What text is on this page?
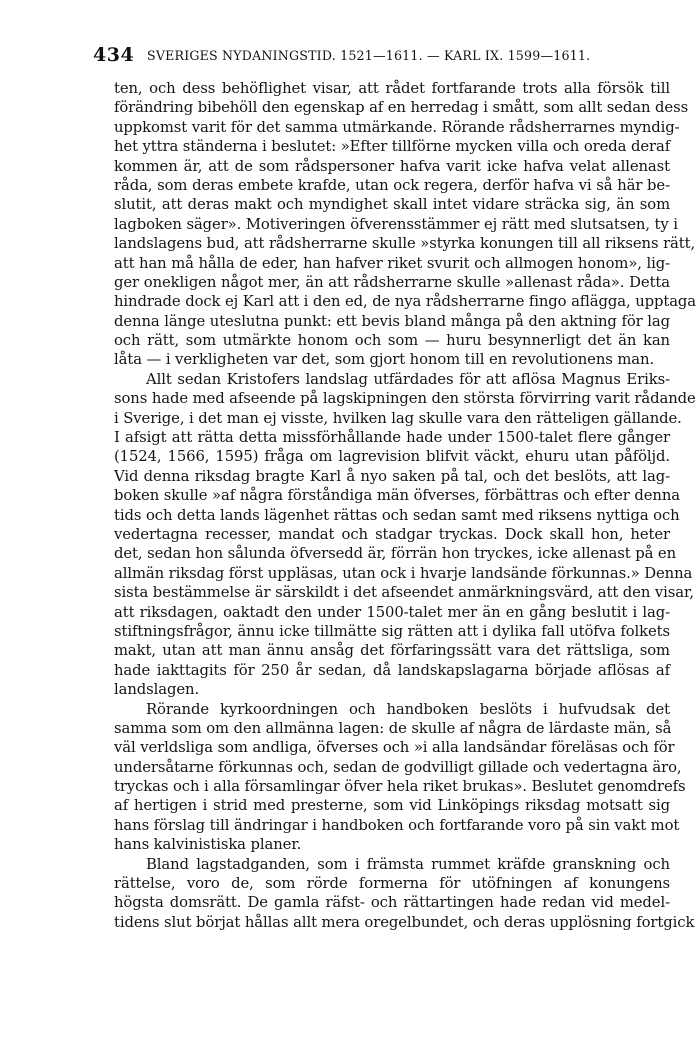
434 SVERIGES NYDANINGSTID. 1521—1611. — KARL IX. 1599—1611.
ten, och dess behöflighet visar, att rådet fortfarande trots alla försök till
förändring bibehöll den egenskap af en herredag i smått, som allt sedan dess
uppkomst varit för det samma utmärkande. Rörande rådsherrarnes myndig-
het yttra ständerna i beslutet: »Efter tillförne mycken villa och oreda deraf
kommen är, att de som rådspersoner hafva varit icke hafva velat allenast
råda, som deras embete krafde, utan ock regera, derför hafva vi så här be-
slutit, att deras makt och myndighet skall intet vidare sträcka sig, än som
lagboken säger». Motiveringen öfverensstämmer ej rätt med slutsatsen, ty i
landslagens bud, att rådsherrarne skulle »styrka konungen till all riksens rätt,
att han må hålla de eder, han hafver riket svurit och allmogen honom», lig-
ger onekligen något mer, än att rådsherrarne skulle »allenast råda». Detta
hindrade dock ej Karl att i den ed, de nya rådsherrarne fingo aflägga, upptaga
denna länge uteslutna punkt: ett bevis bland många på den aktning för lag
och rätt, som utmärkte honom och som — huru besynnerligt det än kan
låta — i verkligheten var det, som gjort honom till en revolutionens man.
Allt sedan Kristofers landslag utfärdades för att aflösa Magnus Eriks-
sons hade med afseende på lagskipningen den största förvirring varit rådande
i Sverige, i det man ej visste, hvilken lag skulle vara den rätteligen gällande.
I afsigt att rätta detta missförhållande hade under 1500-talet flere gånger
(1524, 1566, 1595) fråga om lagrevision blifvit väckt, ehuru utan påföljd.
Vid denna riksdag bragte Karl å nyo saken på tal, och det beslöts, att lag-
boken skulle »af några förståndiga män öfverses, förbättras och efter denna
tids och detta lands lägenhet rättas och sedan samt med riksens nyttiga och
vedertagna recesser, mandat och stadgar tryckas. Dock skall hon, heter
det, sedan hon sålunda öfversedd är, förrän hon tryckes, icke allenast på en
allmän riksdag först uppläsas, utan ock i hvarje landsände förkunnas.» Denna
sista bestämmelse är särskildt i det afseendet anmärkningsvärd, att den visar,
att riksdagen, oaktadt den under 1500-talet mer än en gång beslutit i lag-
stiftningsfrågor, ännu icke tillmätte sig rätten att i dylika fall utöfva folkets
makt, utan att man ännu ansåg det förfaringssätt vara det rättsliga, som
hade iakttagits för 250 år sedan, då landskapslagarna började aflösas af
landslagen.
Rörande kyrkoordningen och handboken beslöts i hufvudsak det
samma som om den allmänna lagen: de skulle af några de lärdaste män, så
väl verldsliga som andliga, öfverses och »i alla landsändar föreläsas och för
undersåtarne förkunnas och, sedan de godvilligt gillade och vedertagna äro,
tryckas och i alla församlingar öfver hela riket brukas». Beslutet genomdrefs
af hertigen i strid med presterne, som vid Linköpings riksdag motsatt sig
hans förslag till ändringar i handboken och fortfarande voro på sin vakt mot
hans kalvinistiska planer.
Bland lagstadganden, som i främsta rummet kräfde granskning och
rättelse, voro de, som rörde formerna för utöfningen af konungens
högsta domsrätt. De gamla räfst- och rättartingen hade redan vid medel-
tidens slut börjat hållas allt mera oregelbundet, och deras upplösning fortgick
